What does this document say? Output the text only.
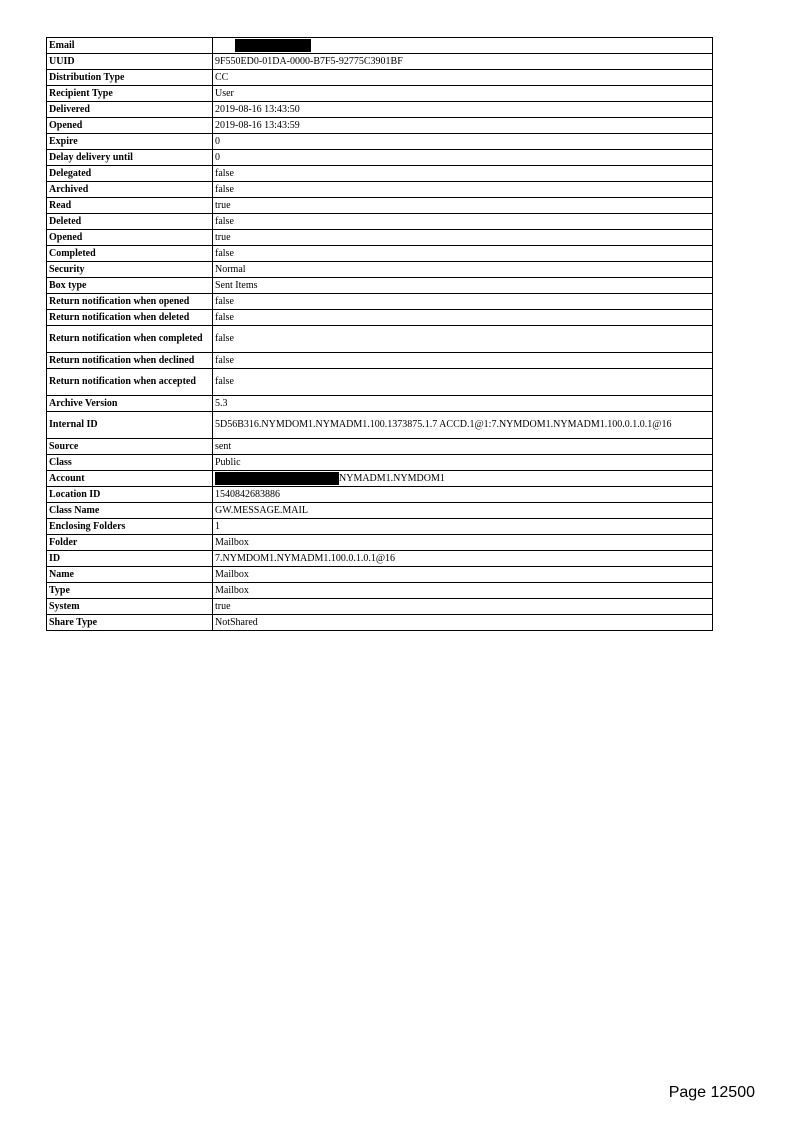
Email	
UUID	9F550ED0-01DA-0000-B7F5-92775C3901BF
Distribution Type	CC
Recipient Type	User
Delivered	2019-08-16 13:43:50
Opened	2019-08-16 13:43:59
Expire	0
Delay delivery until	0
Delegated	false
Archived	false
Read	true
Deleted	false
Opened	true
Completed	false
Security	Normal
Box type	Sent Items
Return notification when opened	false
Return notification when deleted	false
Return notification when completed	false
Return notification when declined	false
Return notification when accepted	false
Archive Version	5.3
Internal ID	5D56B316.NYMDOM1.NYMADM1.100.1373875.1.7 ACCD.1@1:7.NYMDOM1.NYMADM1.100.0.1.0.1@16
Source	sent
Class	Public
Account	NYMADM1.NYMDOM1
Location ID	1540842683886
Class Name	GW.MESSAGE.MAIL
Enclosing Folders	1
Folder	Mailbox
ID	7.NYMDOM1.NYMADM1.100.0.1.0.1@16
Name	Mailbox
Type	Mailbox
System	true
Share Type	NotShared
Page 12500
